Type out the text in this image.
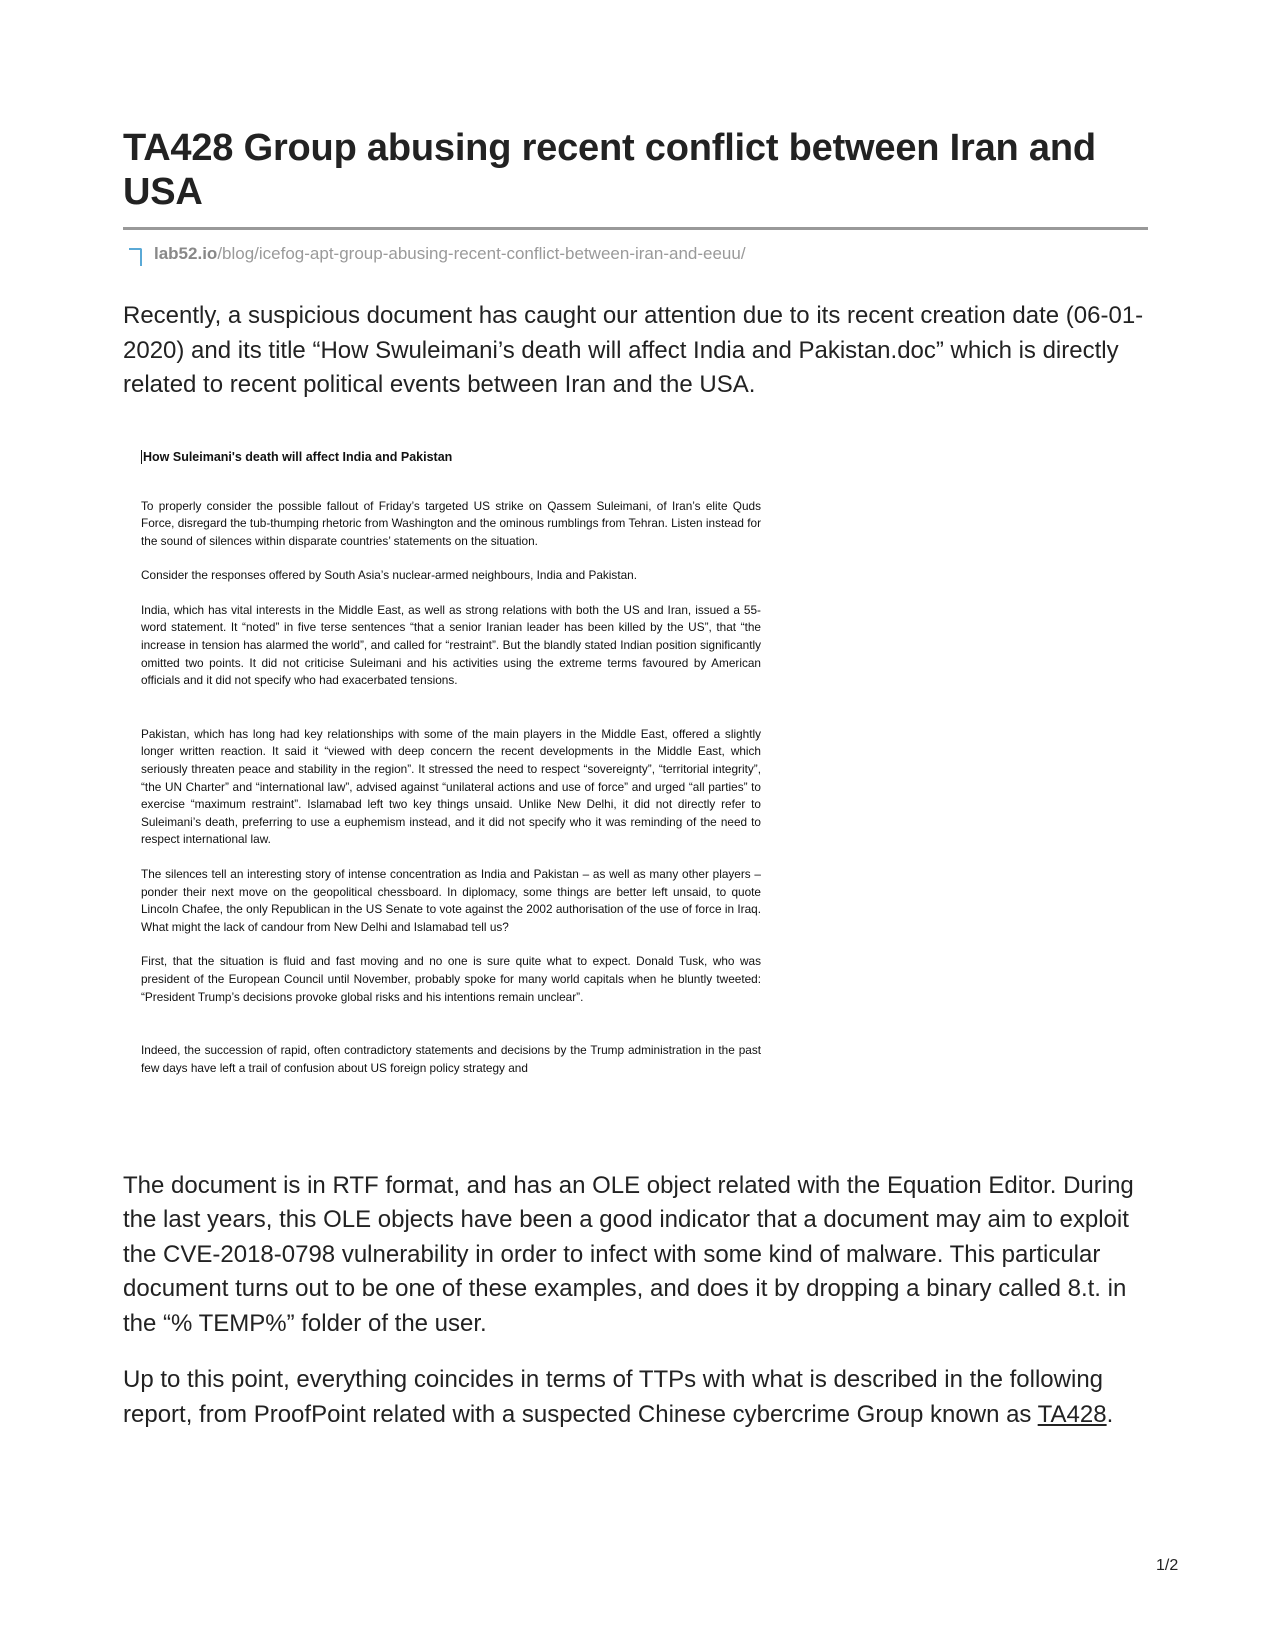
TA428 Group abusing recent conflict between Iran and USA
lab52.io/blog/icefog-apt-group-abusing-recent-conflict-between-iran-and-eeuu/

Recently, a suspicious document has caught our attention due to its recent creation date (06-01-2020) and its title “How Swuleimani’s death will affect India and Pakistan.doc” which is directly related to recent political events between Iran and the USA.

How Suleimani's death will affect India and Pakistan

To properly consider the possible fallout of Friday’s targeted US strike on Qassem Suleimani, of Iran’s elite Quds Force, disregard the tub-thumping rhetoric from Washington and the ominous rumblings from Tehran. Listen instead for the sound of silences within disparate countries’ statements on the situation.

Consider the responses offered by South Asia’s nuclear-armed neighbours, India and Pakistan.

India, which has vital interests in the Middle East, as well as strong relations with both the US and Iran, issued a 55-word statement. It “noted” in five terse sentences “that a senior Iranian leader has been killed by the US”, that “the increase in tension has alarmed the world”, and called for “restraint”. But the blandly stated Indian position significantly omitted two points. It did not criticise Suleimani and his activities using the extreme terms favoured by American officials and it did not specify who had exacerbated tensions.

Pakistan, which has long had key relationships with some of the main players in the Middle East, offered a slightly longer written reaction. It said it “viewed with deep concern the recent developments in the Middle East, which seriously threaten peace and stability in the region”. It stressed the need to respect “sovereignty”, “territorial integrity”, “the UN Charter” and “international law”, advised against “unilateral actions and use of force” and urged “all parties” to exercise “maximum restraint”. Islamabad left two key things unsaid. Unlike New Delhi, it did not directly refer to Suleimani’s death, preferring to use a euphemism instead, and it did not specify who it was reminding of the need to respect international law.

The silences tell an interesting story of intense concentration as India and Pakistan – as well as many other players – ponder their next move on the geopolitical chessboard. In diplomacy, some things are better left unsaid, to quote Lincoln Chafee, the only Republican in the US Senate to vote against the 2002 authorisation of the use of force in Iraq. What might the lack of candour from New Delhi and Islamabad tell us?

First, that the situation is fluid and fast moving and no one is sure quite what to expect. Donald Tusk, who was president of the European Council until November, probably spoke for many world capitals when he bluntly tweeted: “President Trump’s decisions provoke global risks and his intentions remain unclear”.

Indeed, the succession of rapid, often contradictory statements and decisions by the Trump administration in the past few days have left a trail of confusion about US foreign policy strategy and

The document is in RTF format, and has an OLE object related with the Equation Editor. During the last years, this OLE objects have been a good indicator that a document may aim to exploit the CVE-2018-0798 vulnerability in order to infect with some kind of malware. This particular document turns out to be one of these examples, and does it by dropping a binary called 8.t. in the “% TEMP%” folder of the user.

Up to this point, everything coincides in terms of TTPs with what is described in the following report, from ProofPoint related with a suspected Chinese cybercrime Group known as TA428.

1/2
